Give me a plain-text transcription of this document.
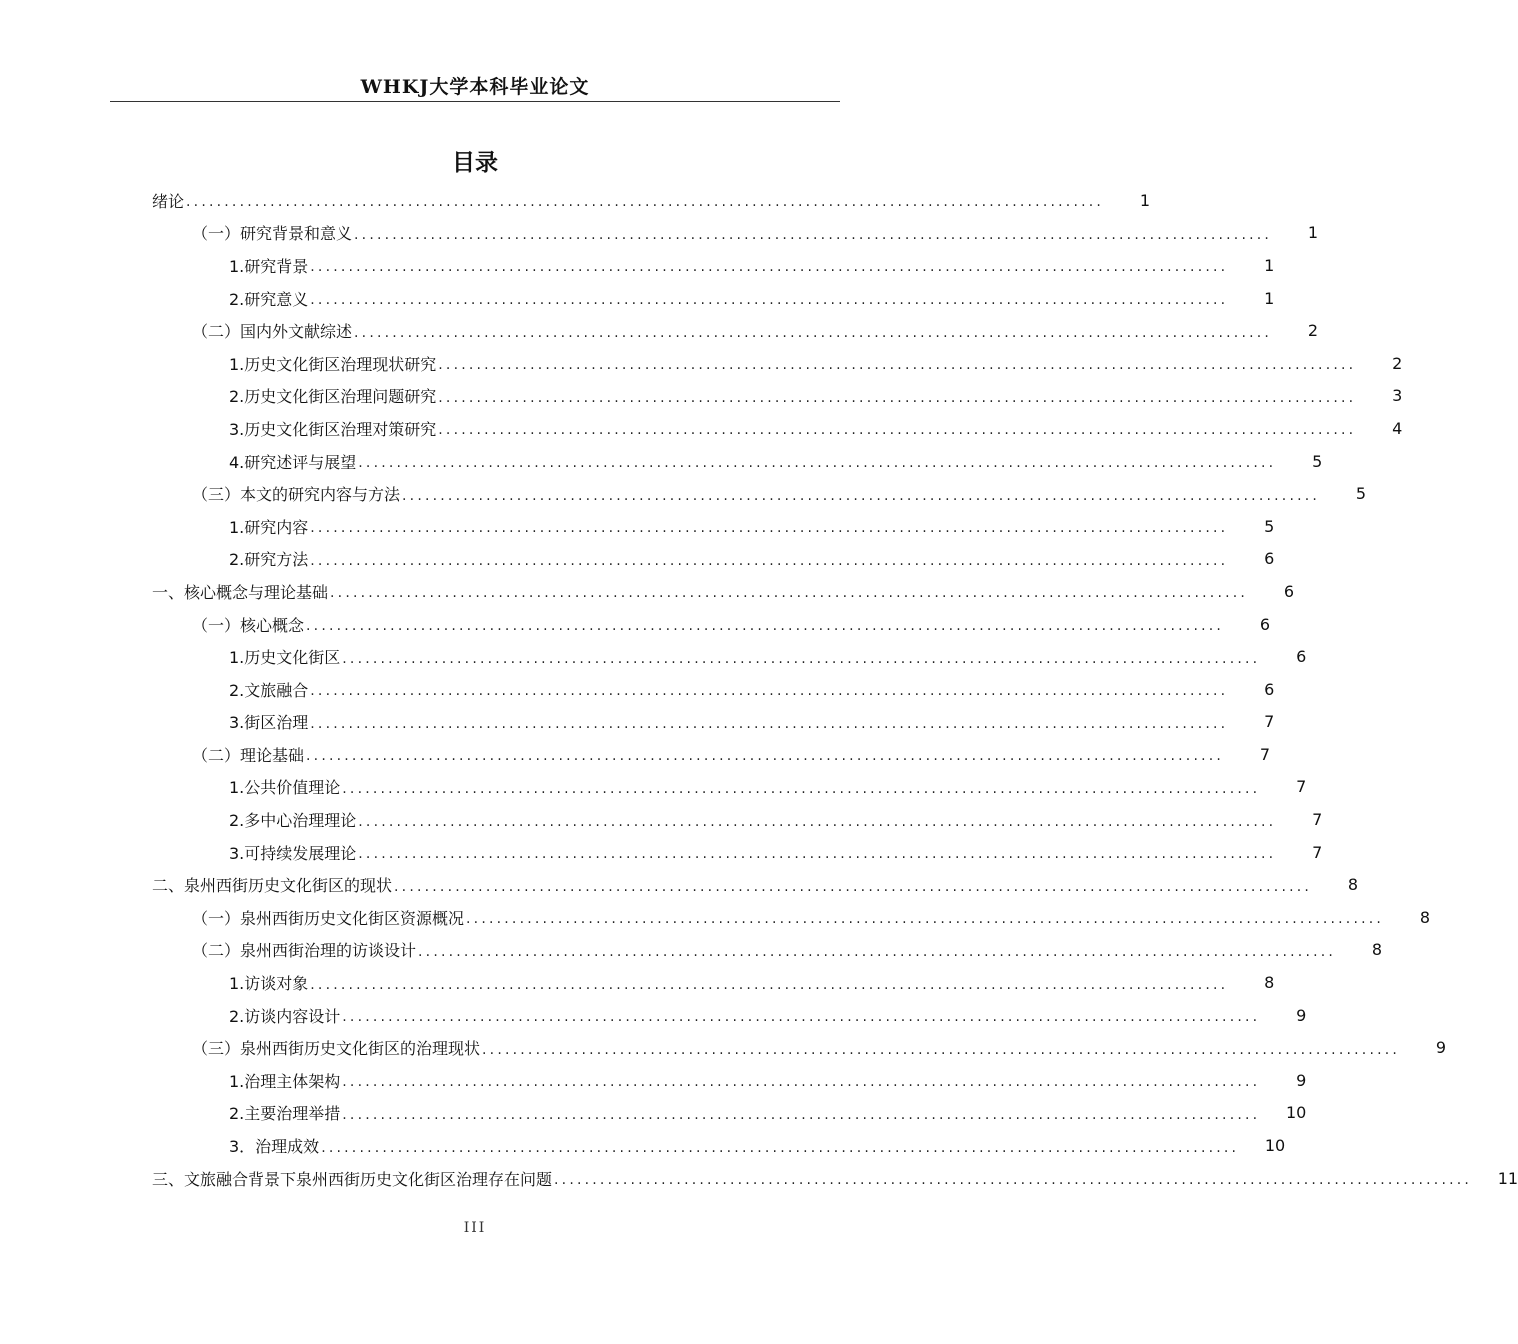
WHKJ大学本科毕业论文
目录
绪论 ........................................................................................................................	1
（一）研究背景和意义 ........................................................................................................................	1
1.研究背景 ........................................................................................................................	1
2.研究意义 ........................................................................................................................	1
（二）国内外文献综述 ........................................................................................................................	2
1.历史文化街区治理现状研究 ........................................................................................................................	2
2.历史文化街区治理问题研究 ........................................................................................................................	3
3.历史文化街区治理对策研究 ........................................................................................................................	4
4.研究述评与展望 ........................................................................................................................	5
（三）本文的研究内容与方法 ........................................................................................................................	5
1.研究内容 ........................................................................................................................	5
2.研究方法 ........................................................................................................................	6
一、核心概念与理论基础 ........................................................................................................................	6
（一）核心概念 ........................................................................................................................	6
1.历史文化街区 ........................................................................................................................	6
2.文旅融合 ........................................................................................................................	6
3.街区治理 ........................................................................................................................	7
（二）理论基础 ........................................................................................................................	7
1.公共价值理论 ........................................................................................................................	7
2.多中心治理理论 ........................................................................................................................	7
3.可持续发展理论 ........................................................................................................................	7
二、泉州西街历史文化街区的现状 ........................................................................................................................	8
（一）泉州西街历史文化街区资源概况 ........................................................................................................................	8
（二）泉州西街治理的访谈设计 ........................................................................................................................	8
1.访谈对象 ........................................................................................................................	8
2.访谈内容设计 ........................................................................................................................	9
（三）泉州西街历史文化街区的治理现状 ........................................................................................................................	9
1.治理主体架构 ........................................................................................................................	9
2.主要治理举措 ........................................................................................................................	10
3．治理成效 ........................................................................................................................	10
三、文旅融合背景下泉州西街历史文化街区治理存在问题 ........................................................................................................................	11
III
